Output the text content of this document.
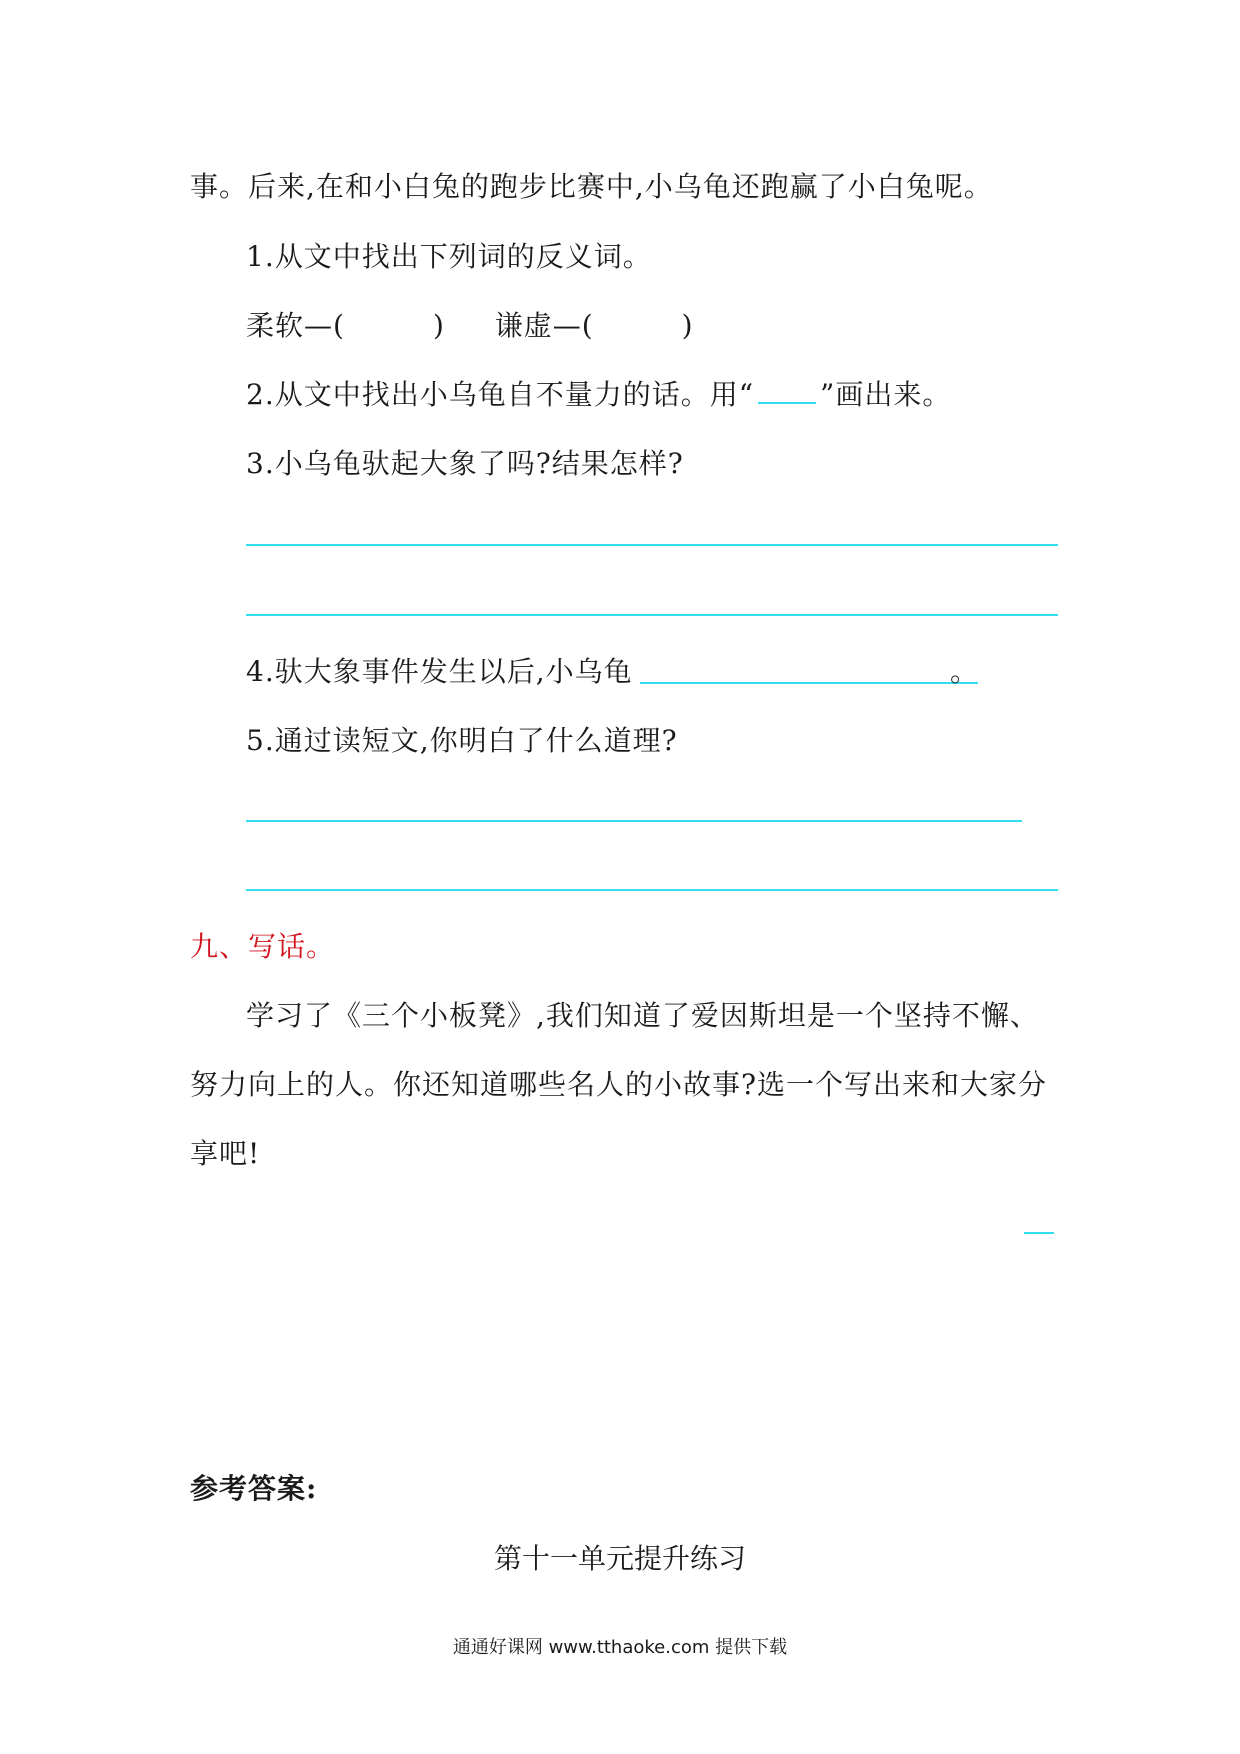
事。后来,在和小白兔的跑步比赛中,小乌龟还跑赢了小白兔呢。
1.从文中找出下列词的反义词。
柔软—(	) 谦虚—(	)
2.从文中找出小乌龟自不量力的话。用“ ”画出来。
3.小乌龟驮起大象了吗?结果怎样?
4.驮大象事件发生以后,小乌龟	。
5.通过读短文,你明白了什么道理?
九、写话。
学习了《三个小板凳》,我们知道了爱因斯坦是一个坚持不懈、
努力向上的人。你还知道哪些名人的小故事?选一个写出来和大家分
享吧!
参考答案:
第十一单元提升练习
通通好课网 www.tthaoke.com 提供下载
